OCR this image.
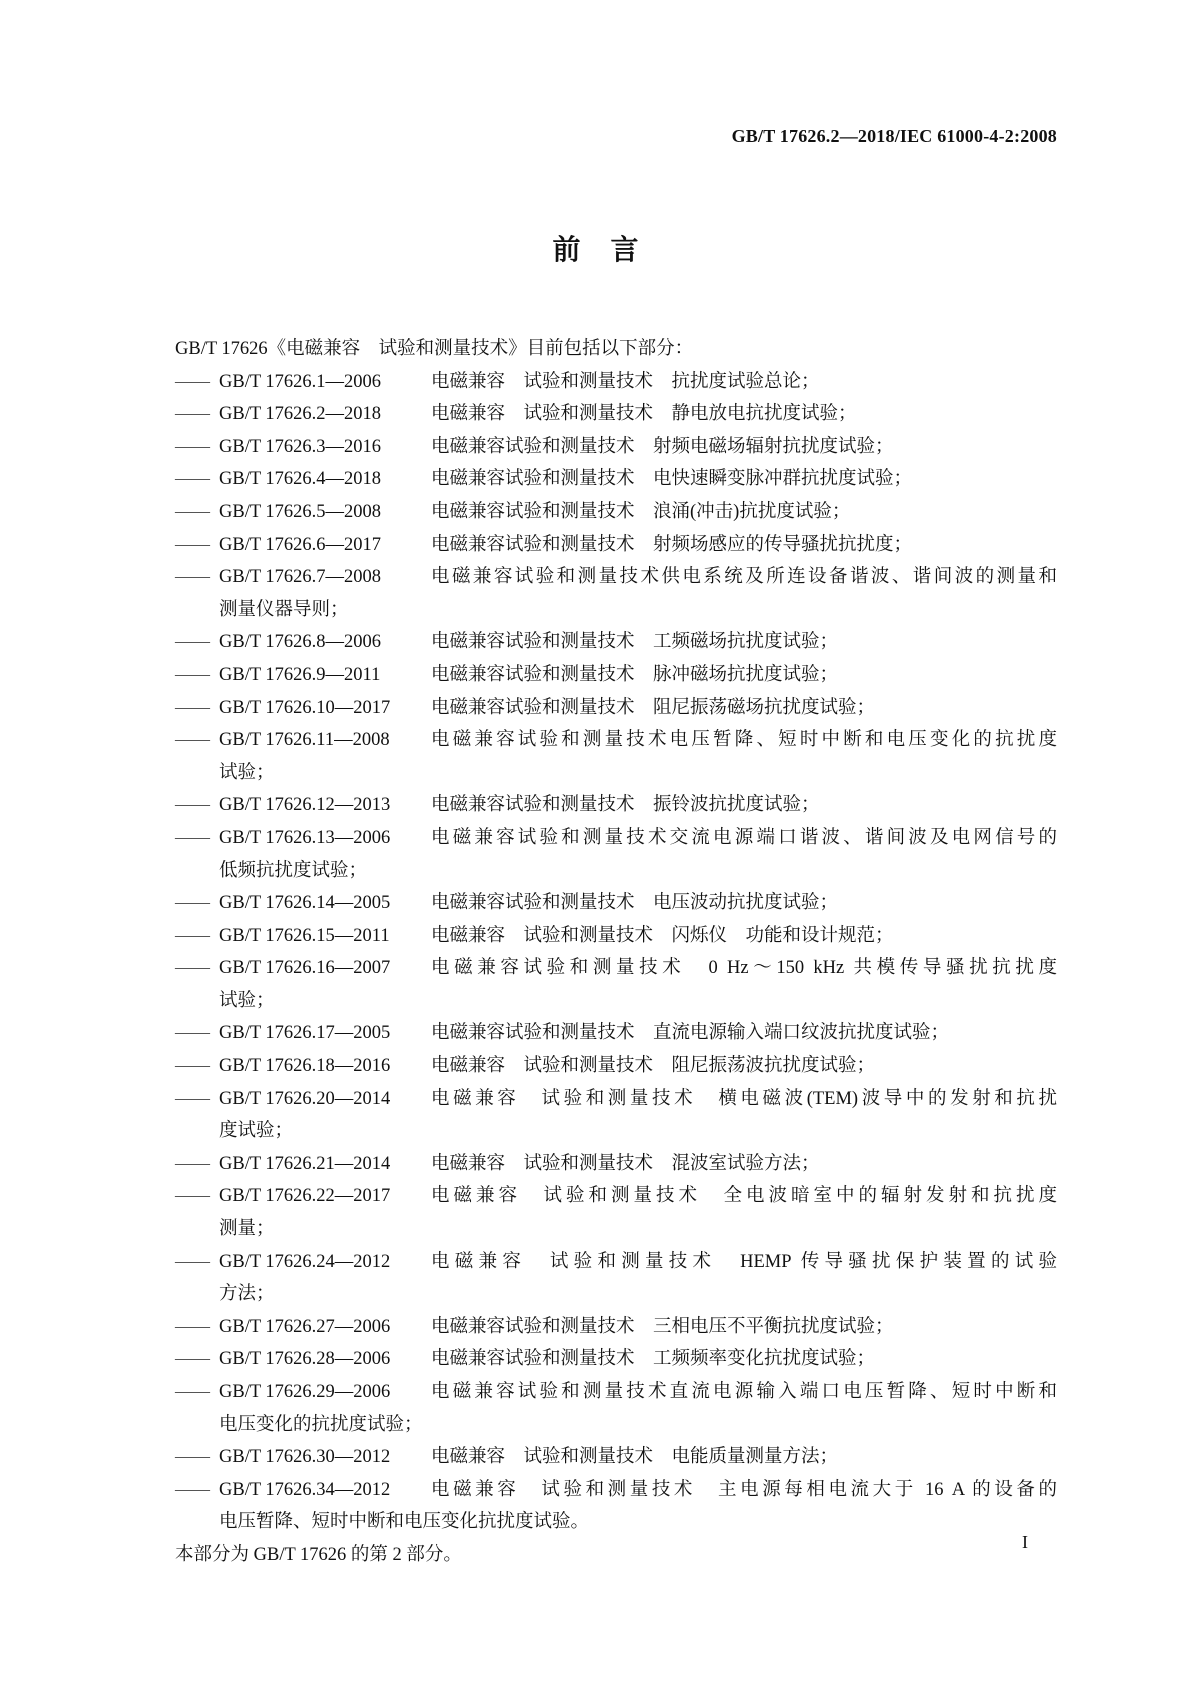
GB/T 17626.2—2018/IEC 61000-4-2:2008
前言
GB/T 17626《电磁兼容　试验和测量技术》目前包括以下部分：
—— GB/T 17626.1—2006	电磁兼容　试验和测量技术　抗扰度试验总论；
—— GB/T 17626.2—2018	电磁兼容　试验和测量技术　静电放电抗扰度试验；
—— GB/T 17626.3—2016	电磁兼容试验和测量技术　射频电磁场辐射抗扰度试验；
—— GB/T 17626.4—2018	电磁兼容试验和测量技术　电快速瞬变脉冲群抗扰度试验；
—— GB/T 17626.5—2008	电磁兼容试验和测量技术　浪涌(冲击)抗扰度试验；
—— GB/T 17626.6—2017	电磁兼容试验和测量技术　射频场感应的传导骚扰抗扰度；
—— GB/T 17626.7—2008	电磁兼容试验和测量技术供电系统及所连设备谐波、谐间波的测量和
测量仪器导则；
—— GB/T 17626.8—2006	电磁兼容试验和测量技术　工频磁场抗扰度试验；
—— GB/T 17626.9—2011	电磁兼容试验和测量技术　脉冲磁场抗扰度试验；
—— GB/T 17626.10—2017	电磁兼容试验和测量技术　阻尼振荡磁场抗扰度试验；
—— GB/T 17626.11—2008	电磁兼容试验和测量技术电压暂降、短时中断和电压变化的抗扰度
试验；
—— GB/T 17626.12—2013	电磁兼容试验和测量技术　振铃波抗扰度试验；
—— GB/T 17626.13—2006	电磁兼容试验和测量技术交流电源端口谐波、谐间波及电网信号的
低频抗扰度试验；
—— GB/T 17626.14—2005	电磁兼容试验和测量技术　电压波动抗扰度试验；
—— GB/T 17626.15—2011	电磁兼容　试验和测量技术　闪烁仪　功能和设计规范；
—— GB/T 17626.16—2007	电磁兼容试验和测量技术　0 Hz～150 kHz 共模传导骚扰抗扰度
试验；
—— GB/T 17626.17—2005	电磁兼容试验和测量技术　直流电源输入端口纹波抗扰度试验；
—— GB/T 17626.18—2016	电磁兼容　试验和测量技术　阻尼振荡波抗扰度试验；
—— GB/T 17626.20—2014	电磁兼容　试验和测量技术　横电磁波(TEM)波导中的发射和抗扰
度试验；
—— GB/T 17626.21—2014	电磁兼容　试验和测量技术　混波室试验方法；
—— GB/T 17626.22—2017	电磁兼容　试验和测量技术　全电波暗室中的辐射发射和抗扰度
测量；
—— GB/T 17626.24—2012	电磁兼容　试验和测量技术　HEMP 传导骚扰保护装置的试验
方法；
—— GB/T 17626.27—2006	电磁兼容试验和测量技术　三相电压不平衡抗扰度试验；
—— GB/T 17626.28—2006	电磁兼容试验和测量技术　工频频率变化抗扰度试验；
—— GB/T 17626.29—2006	电磁兼容试验和测量技术直流电源输入端口电压暂降、短时中断和
电压变化的抗扰度试验；
—— GB/T 17626.30—2012	电磁兼容　试验和测量技术　电能质量测量方法；
—— GB/T 17626.34—2012	电磁兼容　试验和测量技术　主电源每相电流大于 16 A 的设备的
电压暂降、短时中断和电压变化抗扰度试验。
本部分为 GB/T 17626 的第 2 部分。
I
